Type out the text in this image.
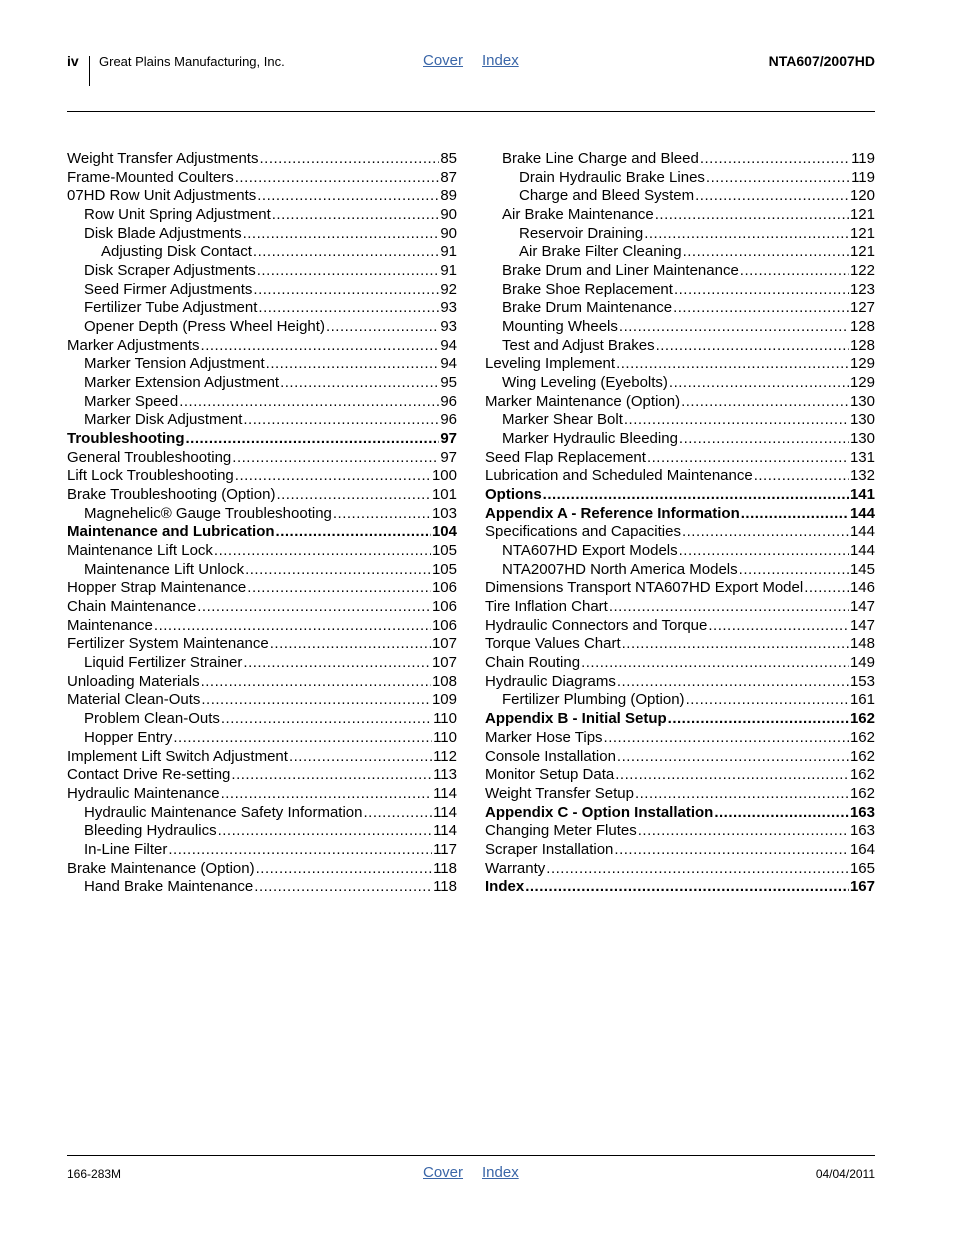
iv Great Plains Manufacturing, Inc.	Cover Index	NTA607/2007HD
Weight Transfer Adjustments .....	85
Frame-Mounted Coulters .....	87
07HD Row Unit Adjustments .....	89
Row Unit Spring Adjustment .....	90
Disk Blade Adjustments .....	90
Adjusting Disk Contact .....	91
Disk Scraper Adjustments .....	91
Seed Firmer Adjustments .....	92
Fertilizer Tube Adjustment .....	93
Opener Depth (Press Wheel Height) .....	93
Marker Adjustments .....	94
Marker Tension Adjustment .....	94
Marker Extension Adjustment .....	95
Marker Speed .....	96
Marker Disk Adjustment .....	96
Troubleshooting .....	97
General Troubleshooting .....	97
Lift Lock Troubleshooting .....	100
Brake Troubleshooting (Option) .....	101
Magnehelic® Gauge Troubleshooting .....	103
Maintenance and Lubrication .....	104
Maintenance Lift Lock .....	105
Maintenance Lift Unlock .....	105
Hopper Strap Maintenance .....	106
Chain Maintenance .....	106
Maintenance .....	106
Fertilizer System Maintenance .....	107
Liquid Fertilizer Strainer .....	107
Unloading Materials .....	108
Material Clean-Outs .....	109
Problem Clean-Outs .....	110
Hopper Entry .....	110
Implement Lift Switch Adjustment .....	112
Contact Drive Re-setting .....	113
Hydraulic Maintenance .....	114
Hydraulic Maintenance Safety Information .....	114
Bleeding Hydraulics .....	114
In-Line Filter .....	117
Brake Maintenance (Option) .....	118
Hand Brake Maintenance .....	118
Brake Line Charge and Bleed .....	119
Drain Hydraulic Brake Lines .....	119
Charge and Bleed System .....	120
Air Brake Maintenance .....	121
Reservoir Draining .....	121
Air Brake Filter Cleaning .....	121
Brake Drum and Liner Maintenance .....	122
Brake Shoe Replacement .....	123
Brake Drum Maintenance .....	127
Mounting Wheels .....	128
Test and Adjust Brakes .....	128
Leveling Implement .....	129
Wing Leveling (Eyebolts) .....	129
Marker Maintenance (Option) .....	130
Marker Shear Bolt .....	130
Marker Hydraulic Bleeding .....	130
Seed Flap Replacement .....	131
Lubrication and Scheduled Maintenance .....	132
Options .....	141
Appendix A - Reference Information .....	144
Specifications and Capacities .....	144
NTA607HD Export Models .....	144
NTA2007HD North America Models .....	145
Dimensions Transport NTA607HD Export Model .....	146
Tire Inflation Chart .....	147
Hydraulic Connectors and Torque .....	147
Torque Values Chart .....	148
Chain Routing .....	149
Hydraulic Diagrams .....	153
Fertilizer Plumbing (Option) .....	161
Appendix B - Initial Setup .....	162
Marker Hose Tips .....	162
Console Installation .....	162
Monitor Setup Data .....	162
Weight Transfer Setup .....	162
Appendix C - Option Installation .....	163
Changing Meter Flutes .....	163
Scraper Installation .....	164
Warranty .....	165
Index .....	167
166-283M	Cover Index	04/04/2011
